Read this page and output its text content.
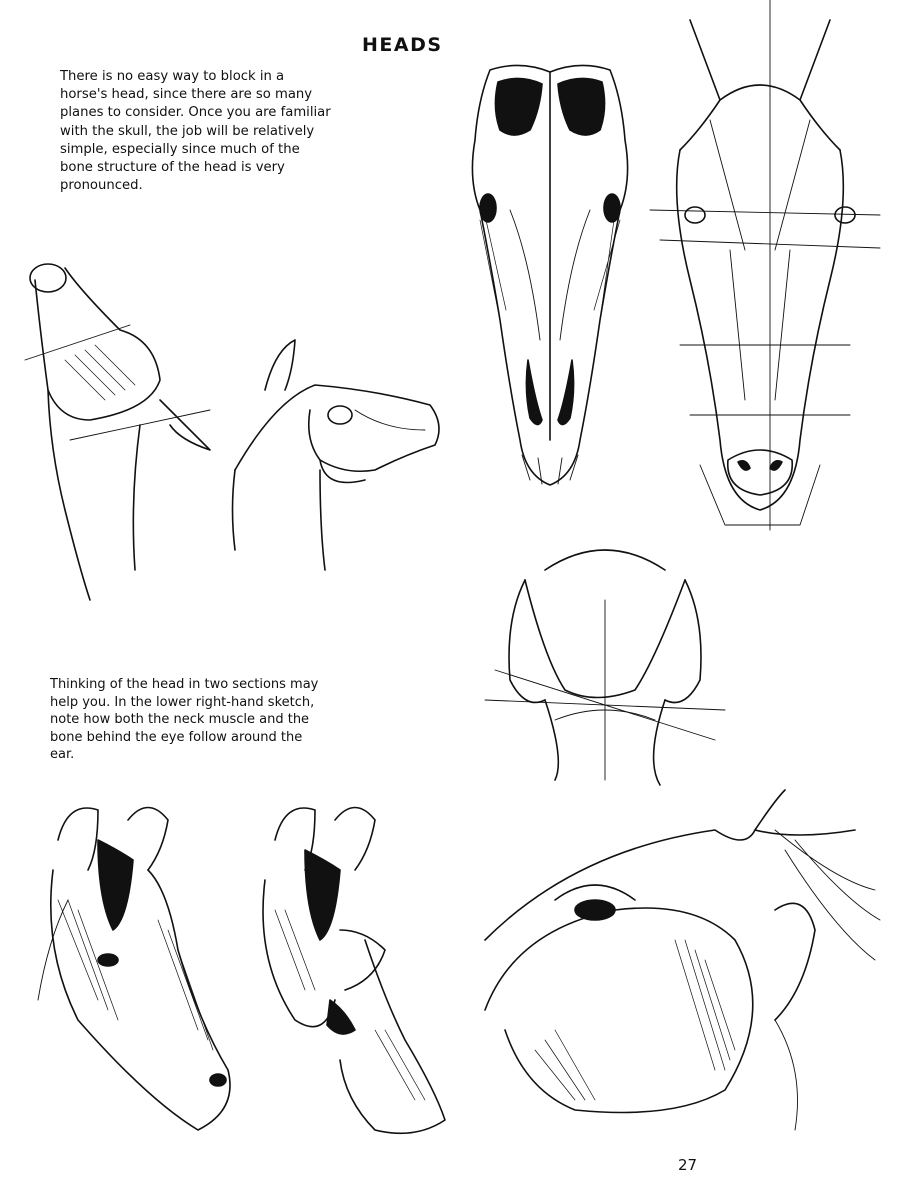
HEADS
There is no easy way to block in a horse's head, since there are so many planes to consider. Once you are familiar with the skull, the job will be relatively simple, especially since much of the bone structure of the head is very pronounced.
Thinking of the head in two sections may help you. In the lower right-hand sketch, note how both the neck muscle and the bone behind the eye follow around the ear.
27
